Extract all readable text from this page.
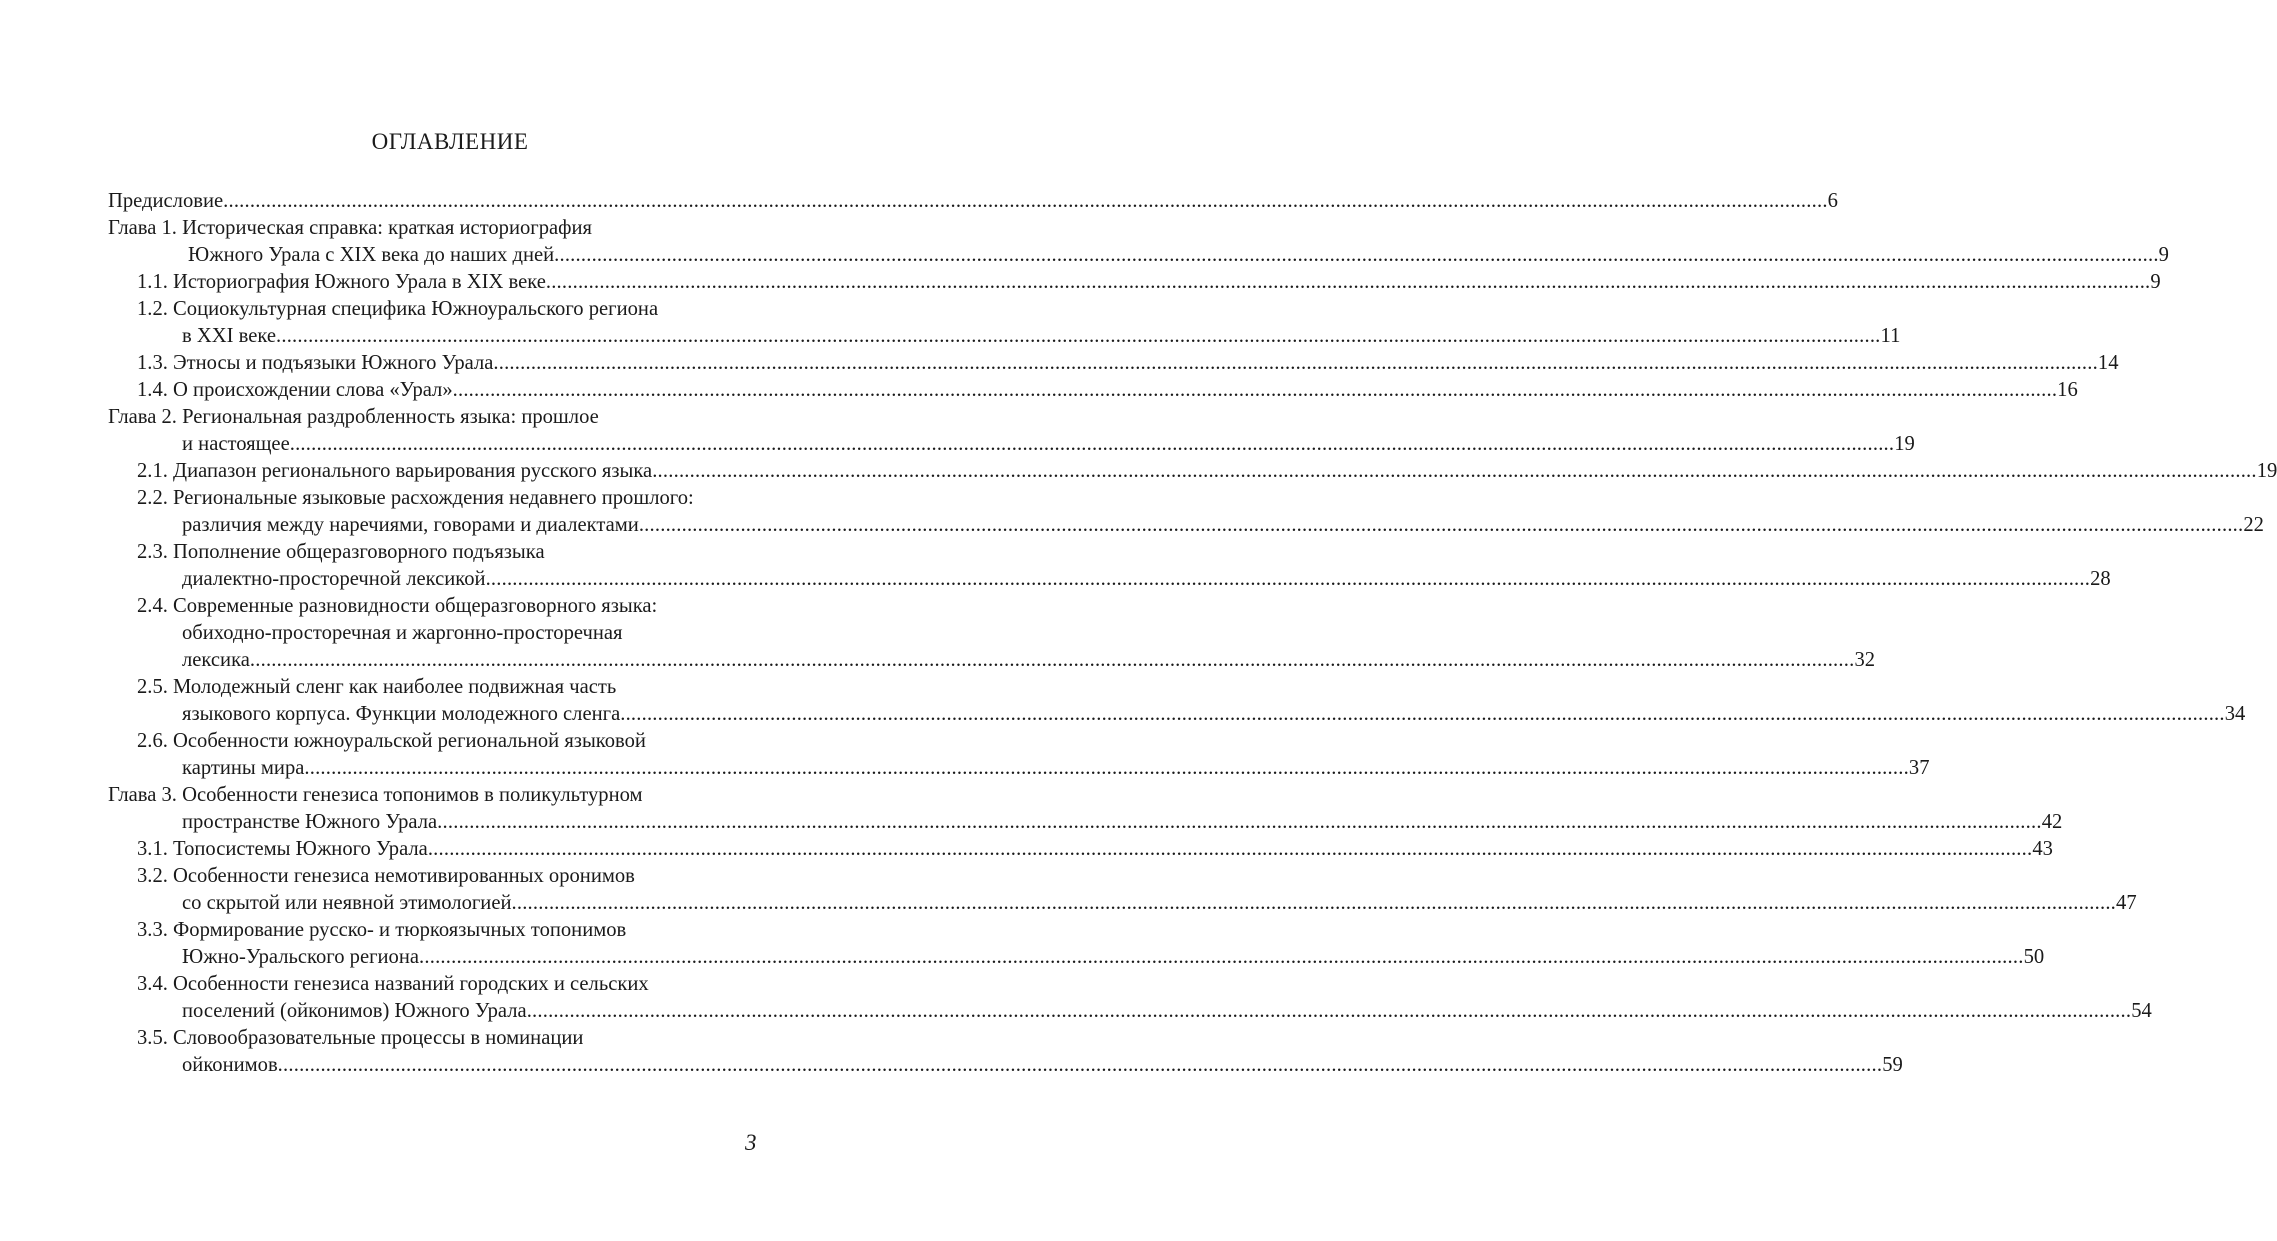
ОГЛАВЛЕНИЕ
Предисловие ............................................................................................................................................................................................................................................................................................................ 6
Глава 1. Историческая справка: краткая историография
Южного Урала с XIX века до наших дней ............................................................................................................................................................................................................................................................................................................ 9
1.1. Историография Южного Урала в XIX веке ............................................................................................................................................................................................................................................................................................................ 9
1.2. Социокультурная специфика Южноуральского региона
в XXI веке ............................................................................................................................................................................................................................................................................................................ 11
1.3. Этносы и подъязыки Южного Урала ............................................................................................................................................................................................................................................................................................................ 14
1.4. О происхождении слова «Урал» ............................................................................................................................................................................................................................................................................................................ 16
Глава 2. Региональная раздробленность языка: прошлое
и настоящее ............................................................................................................................................................................................................................................................................................................ 19
2.1. Диапазон регионального варьирования русского языка ............................................................................................................................................................................................................................................................................................................ 19
2.2. Региональные языковые расхождения недавнего прошлого:
различия между наречиями, говорами и диалектами ............................................................................................................................................................................................................................................................................................................ 22
2.3. Пополнение общеразговорного подъязыка
диалектно-просторечной лексикой ............................................................................................................................................................................................................................................................................................................ 28
2.4. Современные разновидности общеразговорного языка:
обиходно-просторечная и жаргонно-просторечная
лексика ............................................................................................................................................................................................................................................................................................................ 32
2.5. Молодежный сленг как наиболее подвижная часть
языкового корпуса. Функции молодежного сленга ............................................................................................................................................................................................................................................................................................................ 34
2.6. Особенности южноуральской региональной языковой
картины мира ............................................................................................................................................................................................................................................................................................................ 37
Глава 3. Особенности генезиса топонимов в поликультурном
пространстве Южного Урала ............................................................................................................................................................................................................................................................................................................ 42
3.1. Топосистемы Южного Урала ............................................................................................................................................................................................................................................................................................................ 43
3.2. Особенности генезиса немотивированных оронимов
со скрытой или неявной этимологией ............................................................................................................................................................................................................................................................................................................ 47
3.3. Формирование русско- и тюркоязычных топонимов
Южно-Уральского региона ............................................................................................................................................................................................................................................................................................................ 50
3.4. Особенности генезиса названий городских и сельских
поселений (ойконимов) Южного Урала ............................................................................................................................................................................................................................................................................................................ 54
3.5. Словообразовательные процессы в номинации
ойконимов ............................................................................................................................................................................................................................................................................................................ 59
3
